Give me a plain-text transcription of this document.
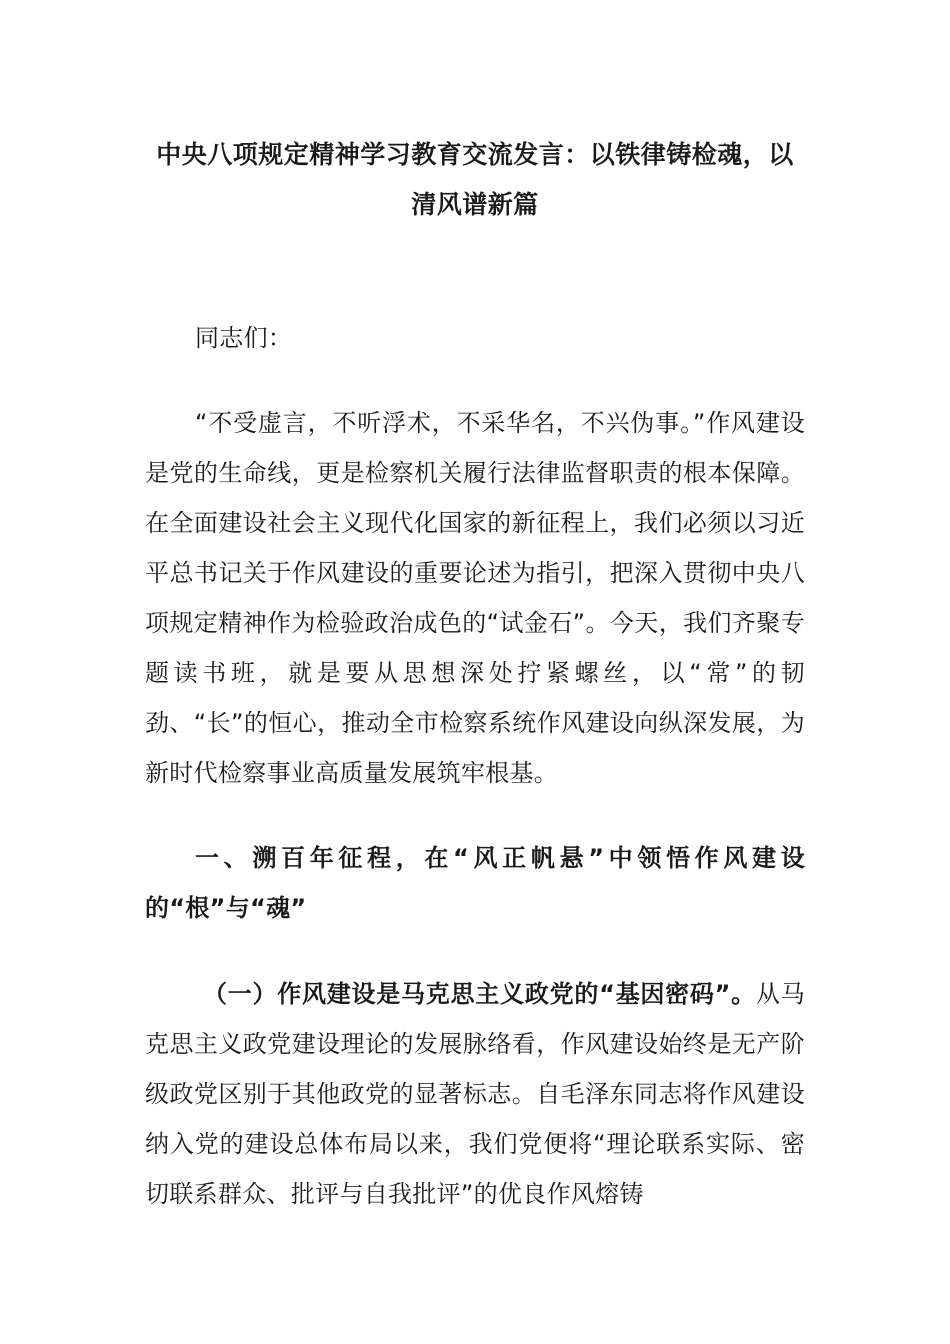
中央八项规定精神学习教育交流发言：以铁律铸检魂，以清风谱新篇
同志们：
“不受虚言，不听浮术，不采华名，不兴伪事。”作风建设是党的生命线，更是检察机关履行法律监督职责的根本保障。在全面建设社会主义现代化国家的新征程上，我们必须以习近平总书记关于作风建设的重要论述为指引，把深入贯彻中央八项规定精神作为检验政治成色的“试金石”。今天，我们齐聚专题读书班，就是要从思想深处拧紧螺丝，以“常”的韧劲、“长”的恒心，推动全市检察系统作风建设向纵深发展，为新时代检察事业高质量发展筑牢根基。
一、溯百年征程，在“风正帆悬”中领悟作风建设的“根”与“魂”
（一）作风建设是马克思主义政党的“基因密码”。从马克思主义政党建设理论的发展脉络看，作风建设始终是无产阶级政党区别于其他政党的显著标志。自毛泽东同志将作风建设纳入党的建设总体布局以来，我们党便将“理论联系实际、密切联系群众、批评与自我批评”的优良作风熔铸
